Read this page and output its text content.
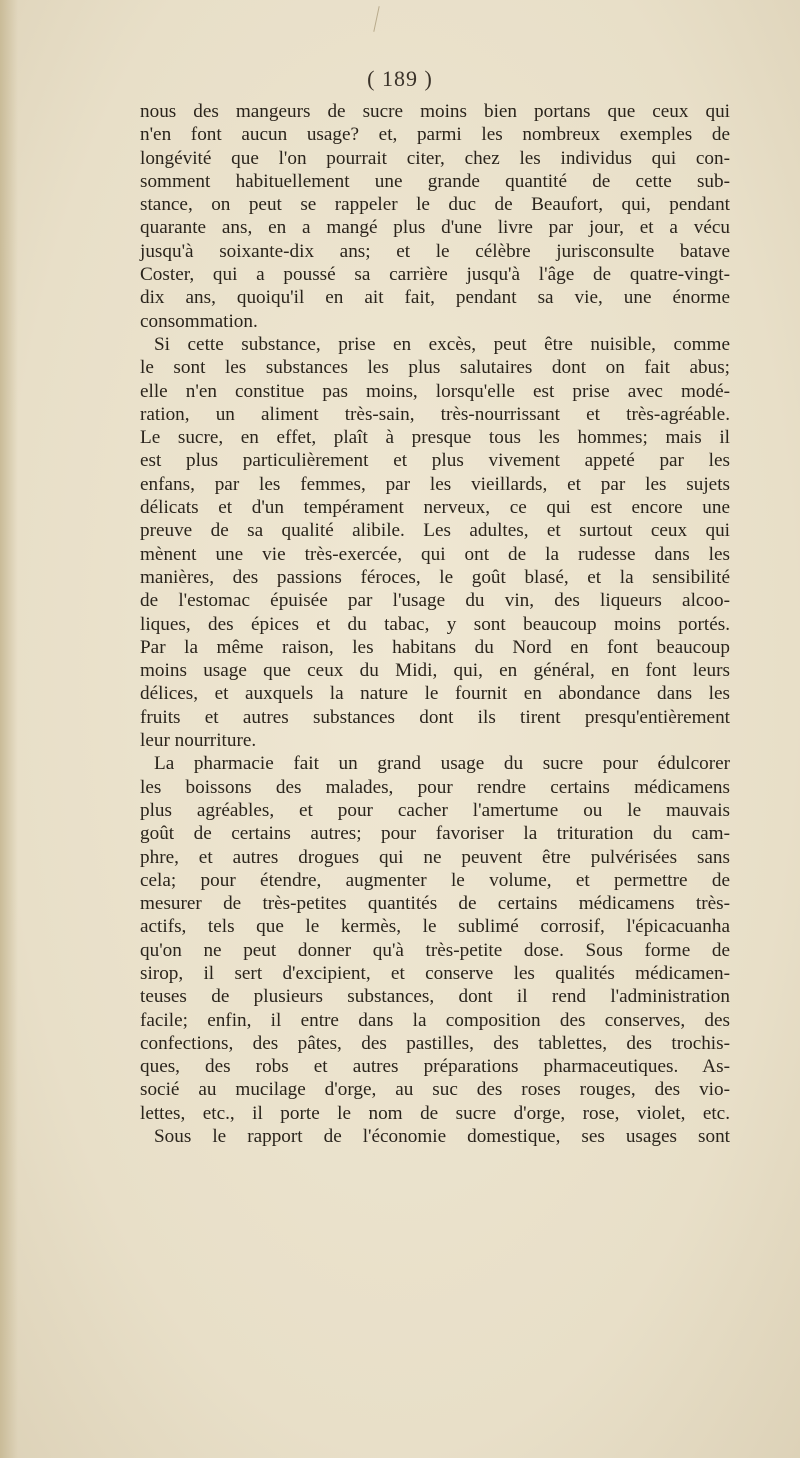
( 189 )
nous des mangeurs de sucre moins bien portans que ceux qui
n'en font aucun usage? et, parmi les nombreux exemples de
longévité que l'on pourrait citer, chez les individus qui con-
somment habituellement une grande quantité de cette sub-
stance, on peut se rappeler le duc de Beaufort, qui, pendant
quarante ans, en a mangé plus d'une livre par jour, et a vécu
jusqu'à soixante-dix ans; et le célèbre jurisconsulte batave
Coster, qui a poussé sa carrière jusqu'à l'âge de quatre-vingt-
dix ans, quoiqu'il en ait fait, pendant sa vie, une énorme
consommation.
Si cette substance, prise en excès, peut être nuisible, comme
le sont les substances les plus salutaires dont on fait abus;
elle n'en constitue pas moins, lorsqu'elle est prise avec modé-
ration, un aliment très-sain, très-nourrissant et très-agréable.
Le sucre, en effet, plaît à presque tous les hommes; mais il
est plus particulièrement et plus vivement appeté par les
enfans, par les femmes, par les vieillards, et par les sujets
délicats et d'un tempérament nerveux, ce qui est encore une
preuve de sa qualité alibile. Les adultes, et surtout ceux qui
mènent une vie très-exercée, qui ont de la rudesse dans les
manières, des passions féroces, le goût blasé, et la sensibilité
de l'estomac épuisée par l'usage du vin, des liqueurs alcoo-
liques, des épices et du tabac, y sont beaucoup moins portés.
Par la même raison, les habitans du Nord en font beaucoup
moins usage que ceux du Midi, qui, en général, en font leurs
délices, et auxquels la nature le fournit en abondance dans les
fruits et autres substances dont ils tirent presqu'entièrement
leur nourriture.
La pharmacie fait un grand usage du sucre pour édulcorer
les boissons des malades, pour rendre certains médicamens
plus agréables, et pour cacher l'amertume ou le mauvais
goût de certains autres; pour favoriser la trituration du cam-
phre, et autres drogues qui ne peuvent être pulvérisées sans
cela; pour étendre, augmenter le volume, et permettre de
mesurer de très-petites quantités de certains médicamens très-
actifs, tels que le kermès, le sublimé corrosif, l'épicacuanha
qu'on ne peut donner qu'à très-petite dose. Sous forme de
sirop, il sert d'excipient, et conserve les qualités médicamen-
teuses de plusieurs substances, dont il rend l'administration
facile; enfin, il entre dans la composition des conserves, des
confections, des pâtes, des pastilles, des tablettes, des trochis-
ques, des robs et autres préparations pharmaceutiques. As-
socié au mucilage d'orge, au suc des roses rouges, des vio-
lettes, etc., il porte le nom de sucre d'orge, rose, violet, etc.
Sous le rapport de l'économie domestique, ses usages sont
